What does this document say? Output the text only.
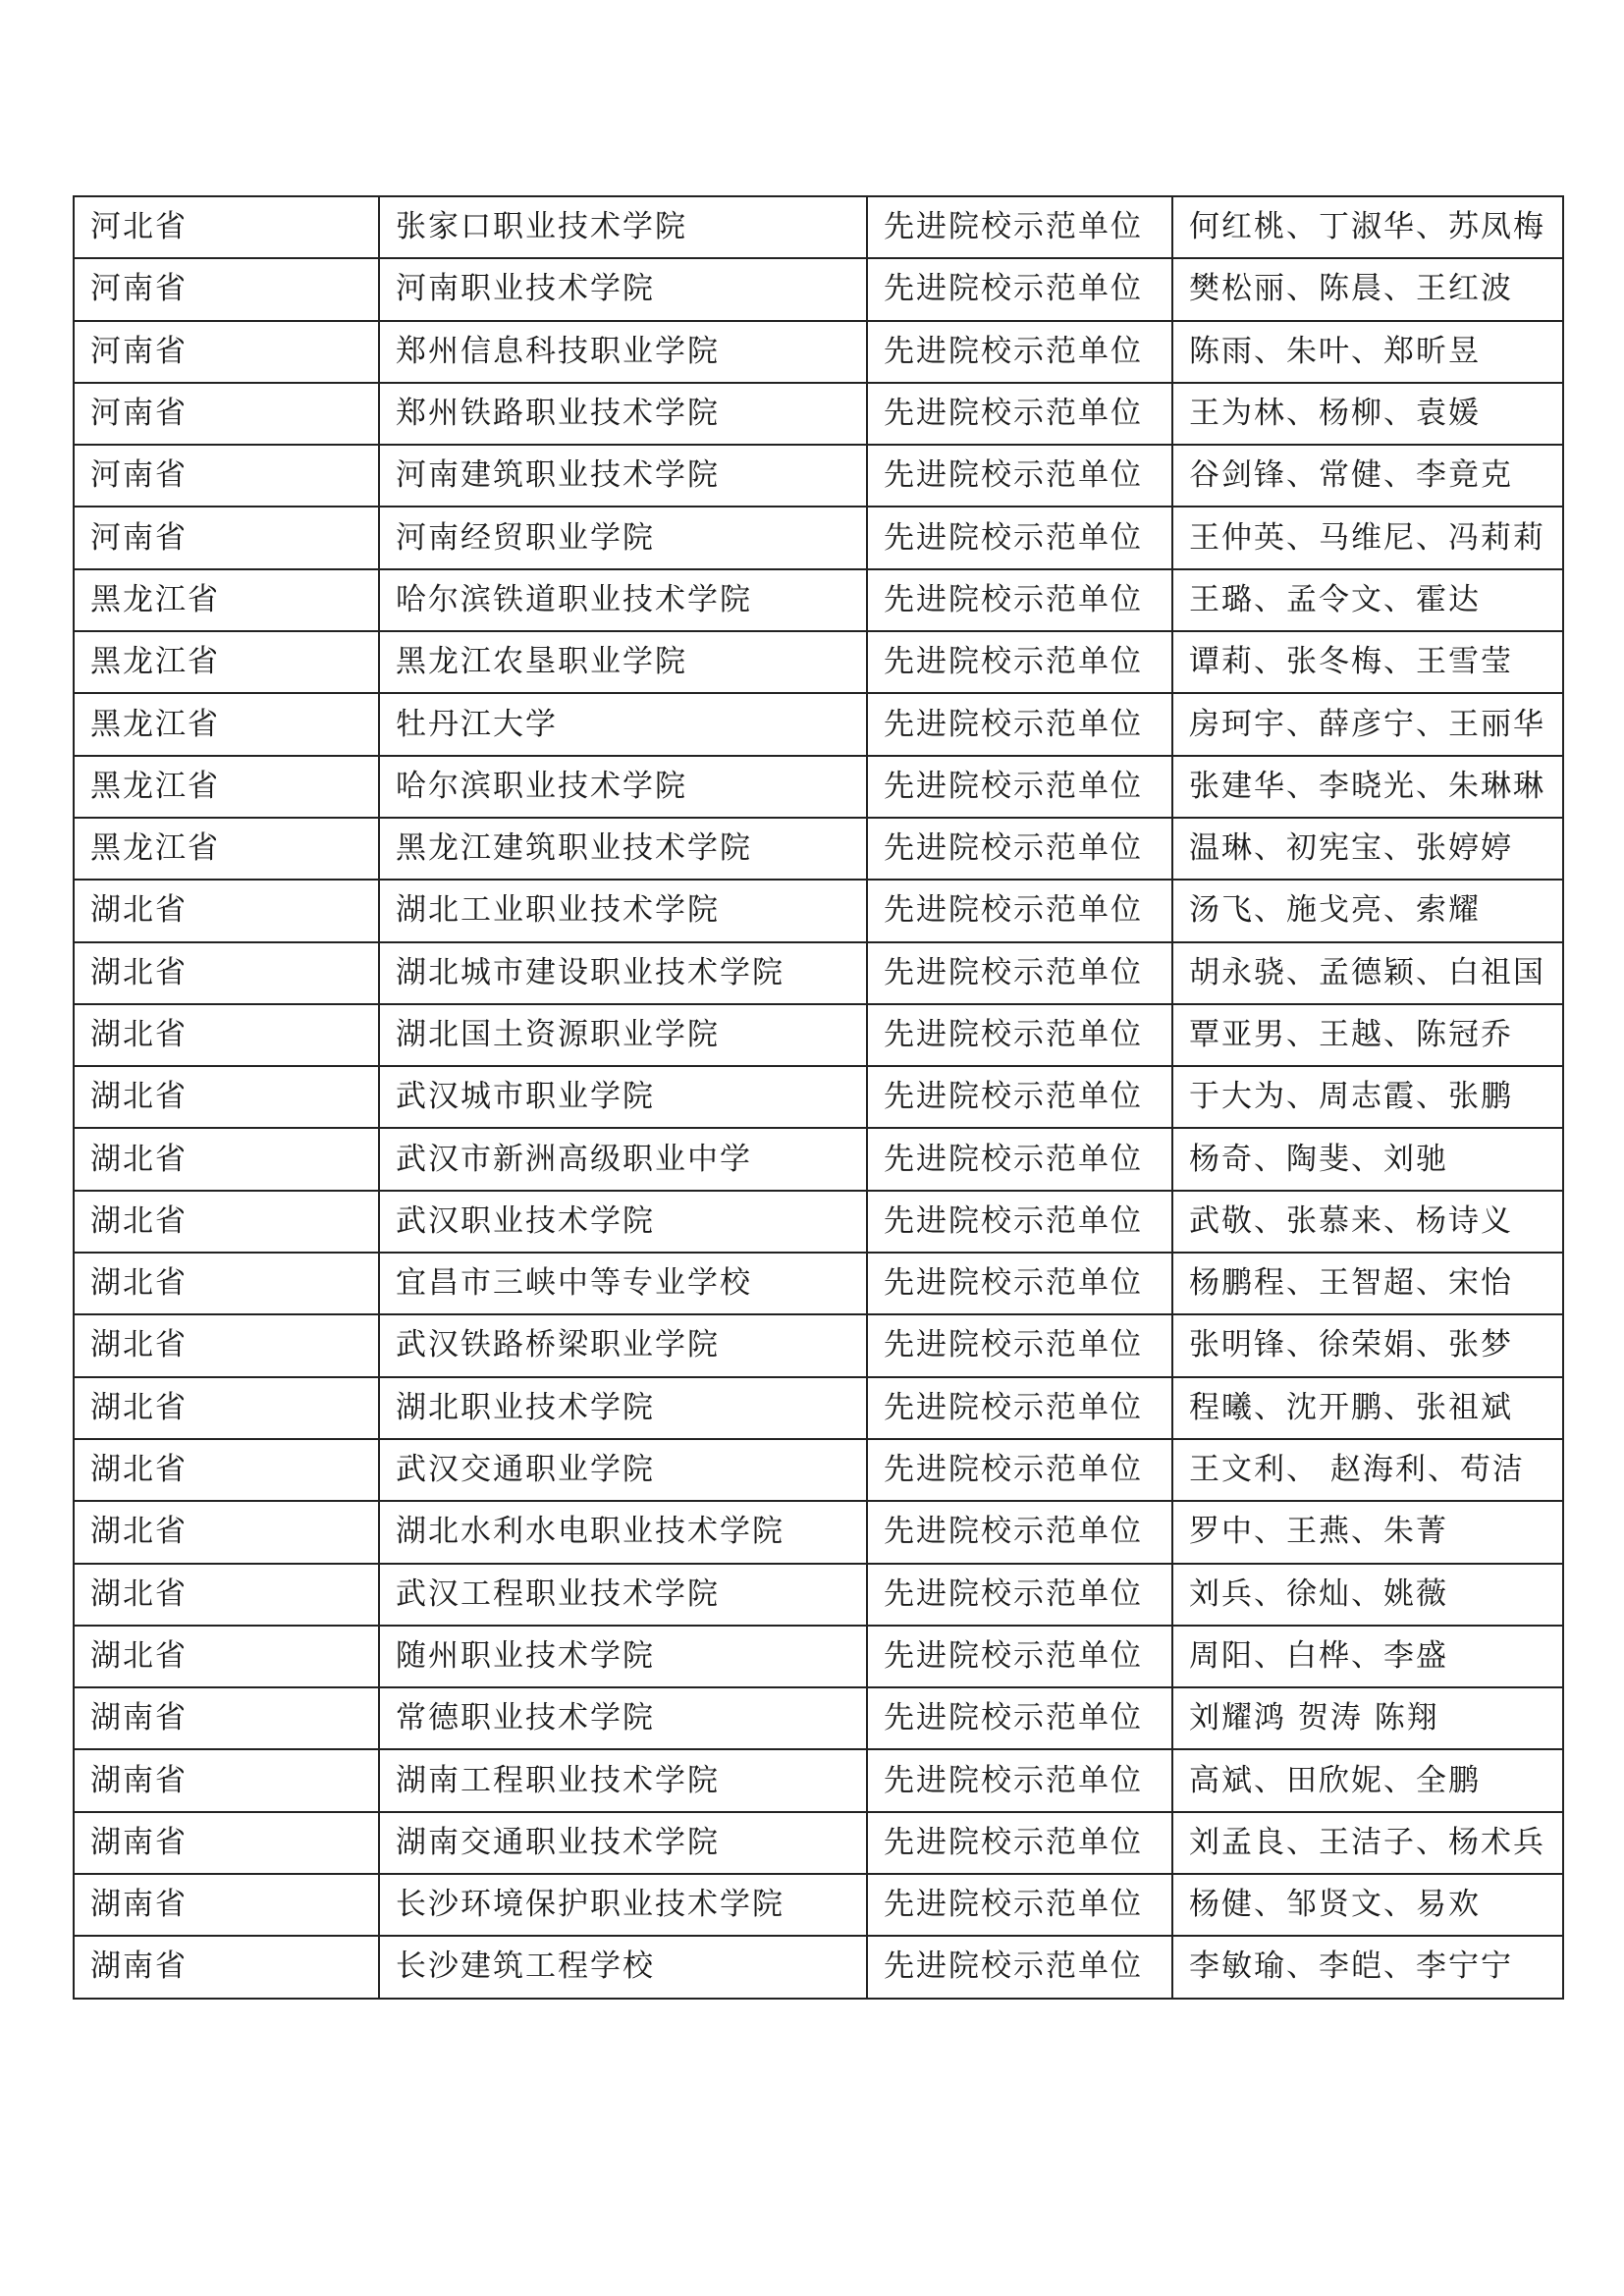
河北省	张家口职业技术学院	先进院校示范单位	何红桃、丁淑华、苏凤梅
河南省	河南职业技术学院	先进院校示范单位	樊松丽、陈晨、王红波
河南省	郑州信息科技职业学院	先进院校示范单位	陈雨、朱叶、郑昕昱
河南省	郑州铁路职业技术学院	先进院校示范单位	王为林、杨柳、袁媛
河南省	河南建筑职业技术学院	先进院校示范单位	谷剑锋、常健、李竟克
河南省	河南经贸职业学院	先进院校示范单位	王仲英、马维尼、冯莉莉
黑龙江省	哈尔滨铁道职业技术学院	先进院校示范单位	王璐、孟令文、霍达
黑龙江省	黑龙江农垦职业学院	先进院校示范单位	谭莉、张冬梅、王雪莹
黑龙江省	牡丹江大学	先进院校示范单位	房珂宇、薛彦宁、王丽华
黑龙江省	哈尔滨职业技术学院	先进院校示范单位	张建华、李晓光、朱琳琳
黑龙江省	黑龙江建筑职业技术学院	先进院校示范单位	温琳、初宪宝、张婷婷
湖北省	湖北工业职业技术学院	先进院校示范单位	汤飞、施戈亮、索耀
湖北省	湖北城市建设职业技术学院	先进院校示范单位	胡永骁、孟德颖、白祖国
湖北省	湖北国土资源职业学院	先进院校示范单位	覃亚男、王越、陈冠乔
湖北省	武汉城市职业学院	先进院校示范单位	于大为、周志霞、张鹏
湖北省	武汉市新洲高级职业中学	先进院校示范单位	杨奇、陶斐、刘驰
湖北省	武汉职业技术学院	先进院校示范单位	武敬、张慕来、杨诗义
湖北省	宜昌市三峡中等专业学校	先进院校示范单位	杨鹏程、王智超、宋怡
湖北省	武汉铁路桥梁职业学院	先进院校示范单位	张明锋、徐荣娟、张梦
湖北省	湖北职业技术学院	先进院校示范单位	程曦、沈开鹏、张祖斌
湖北省	武汉交通职业学院	先进院校示范单位	王文利、 赵海利、苟洁
湖北省	湖北水利水电职业技术学院	先进院校示范单位	罗中、王燕、朱菁
湖北省	武汉工程职业技术学院	先进院校示范单位	刘兵、徐灿、姚薇
湖北省	随州职业技术学院	先进院校示范单位	周阳、白桦、李盛
湖南省	常德职业技术学院	先进院校示范单位	刘耀鸿 贺涛 陈翔
湖南省	湖南工程职业技术学院	先进院校示范单位	高斌、田欣妮、全鹏
湖南省	湖南交通职业技术学院	先进院校示范单位	刘孟良、王洁子、杨术兵
湖南省	长沙环境保护职业技术学院	先进院校示范单位	杨健、邹贤文、易欢
湖南省	长沙建筑工程学校	先进院校示范单位	李敏瑜、李皑、李宁宁
